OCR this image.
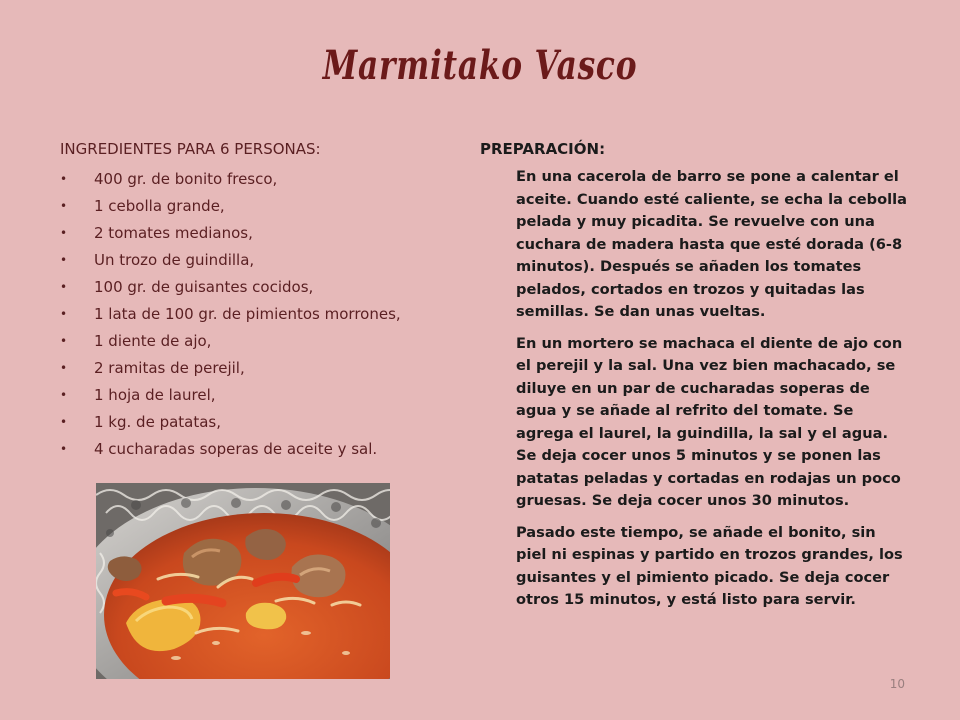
Marmitako Vasco
INGREDIENTES PARA 6 PERSONAS:
• 400 gr. de bonito fresco,
• 1 cebolla grande,
• 2 tomates medianos,
• Un trozo de guindilla,
• 100 gr. de guisantes cocidos,
• 1 lata de 100 gr. de pimientos morrones,
• 1 diente de ajo,
• 2 ramitas de perejil,
• 1 hoja de laurel,
• 1 kg. de patatas,
• 4 cucharadas soperas de aceite y sal.
PREPARACIÓN:

En una cacerola de barro se pone a calentar el aceite. Cuando esté caliente, se echa la cebolla pelada y muy picadita. Se revuelve con una cuchara de madera hasta que esté dorada (6-8 minutos). Después se añaden los tomates pelados, cortados en trozos y quitadas las semillas. Se dan unas vueltas.

En un mortero se machaca el diente de ajo con el perejil y la sal. Una vez bien machacado, se diluye en un par de cucharadas soperas de agua y se añade al refrito del tomate. Se agrega el laurel, la guindilla, la sal y el agua. Se deja cocer unos 5 minutos y se ponen las patatas peladas y cortadas en rodajas un poco gruesas. Se deja cocer unos 30 minutos.

Pasado este tiempo, se añade el bonito, sin piel ni espinas y partido en trozos grandes, los guisantes y el pimiento picado. Se deja cocer otros 15 minutos, y está listo para servir.

10
